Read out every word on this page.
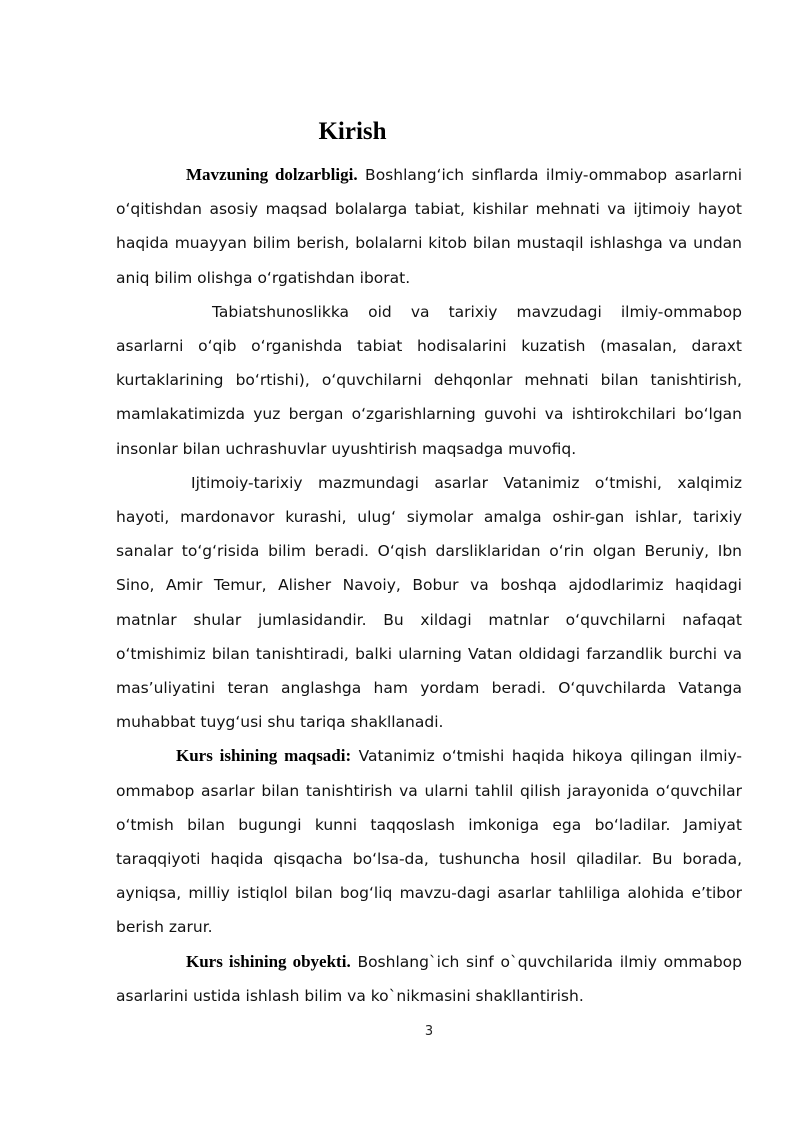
Kirish

Mavzuning dolzarbligi. Boshlangʻich sinflarda ilmiy-ommabop asarlarni oʻqitishdan asosiy maqsad bolalarga tabiat, kishilar mehnati va ijtimoiy hayot haqida muayyan bilim berish, bolalarni kitob bilan mustaqil ishlashga va undan aniq bilim olishga oʻrgatishdan iborat.

Tabiatshunoslikka oid va tarixiy mavzudagi ilmiy-ommabop asarlarni oʻqib oʻrganishda tabiat hodisalarini kuzatish (masalan, daraxt kurtaklarining boʻrtishi), oʻquvchilarni dehqonlar mehnati bilan tanishtirish, mamlakatimizda yuz bergan oʻzgarishlarning guvohi va ishtirokchilari boʻlgan insonlar bilan uchrashuvlar uyushtirish maqsadga muvofiq.

Ijtimoiy-tarixiy mazmundagi asarlar Vatanimiz oʻtmishi, xalqimiz hayoti, mardonavor kurashi, ulugʻ siymolar amalga oshir-gan ishlar, tarixiy sanalar toʻgʻrisida bilim beradi. Oʻqish darsliklaridan oʻrin olgan Beruniy, Ibn Sino, Amir Temur, Alisher Navoiy, Bobur va boshqa ajdodlarimiz haqidagi matnlar shular jumlasidandir. Bu xildagi matnlar oʻquvchilarni nafaqat oʻtmishimiz bilan tanishtiradi, balki ularning Vatan oldidagi farzandlik burchi va masʼuliyatini teran anglashga ham yordam beradi. Oʻquvchilarda Vatanga muhabbat tuygʻusi shu tariqa shakllanadi.

Kurs ishining maqsadi: Vatanimiz oʻtmishi haqida hikoya qilingan ilmiy-ommabop asarlar bilan tanishtirish va ularni tahlil qilish jarayonida oʻquvchilar oʻtmish bilan bugungi kunni taqqoslash imkoniga ega boʻladilar. Jamiyat taraqqiyoti haqida qisqacha boʻlsa-da, tushuncha hosil qiladilar. Bu borada, ayniqsa, milliy istiqlol bilan bogʻliq mavzu-dagi asarlar tahliliga alohida eʼtibor berish zarur.

Kurs ishining obyekti. Boshlang`ich sinf o`quvchilarida ilmiy ommabop asarlarini ustida ishlash bilim va ko`nikmasini shakllantirish.

3
